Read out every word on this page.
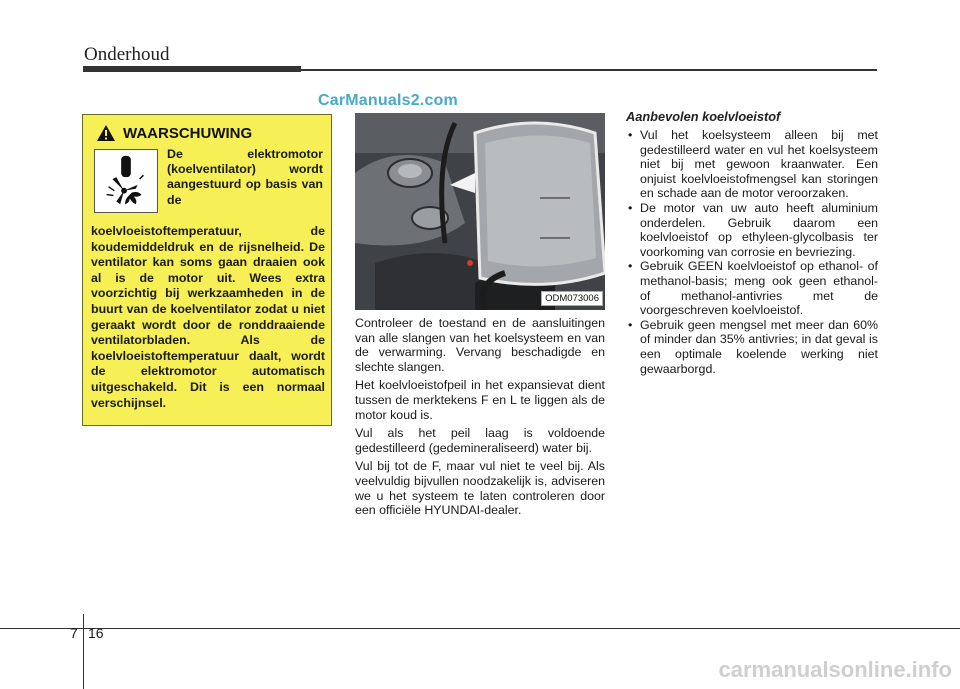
Onderhoud
CarManuals2.com
WAARSCHUWING
De elektromotor (koelventilator) wordt aangestuurd op basis van de
koelvloeistoftemperatuur, de koudemiddeldruk en de rijsnelheid. De ventilator kan soms gaan draaien ook al is de motor uit. Wees extra voorzichtig bij werkzaamheden in de buurt van de koelventilator zodat u niet geraakt wordt door de ronddraaiende ventilatorbladen. Als de koelvloeistoftemperatuur daalt, wordt de elektromotor automatisch uitgeschakeld. Dit is een normaal verschijnsel.
ODM073006

Controleer de toestand en de aansluitingen van alle slangen van het koelsysteem en van de verwarming. Vervang beschadigde en slechte slangen.

Het koelvloeistofpeil in het expansievat dient tussen de merktekens F en L te liggen als de motor koud is.

Vul als het peil laag is voldoende gedestilleerd (gedemineraliseerd) water bij.

Vul bij tot de F, maar vul niet te veel bij. Als veelvuldig bijvullen noodzakelijk is, adviseren we u het systeem te laten controleren door een officiële HYUNDAI-dealer.

Aanbevolen koelvloeistof
• Vul het koelsysteem alleen bij met gedestilleerd water en vul het koelsysteem niet bij met gewoon kraanwater. Een onjuist koelvloeistofmengsel kan storingen en schade aan de motor veroorzaken.
• De motor van uw auto heeft aluminium onderdelen. Gebruik daarom een koelvloeistof op ethyleen-glycolbasis ter voorkoming van corrosie en bevriezing.
• Gebruik GEEN koelvloeistof op ethanol- of methanol-basis; meng ook geen ethanol- of methanol-antivries met de voorgeschreven koelvloeistof.
• Gebruik geen mengsel met meer dan 60% of minder dan 35% antivries; in dat geval is een optimale koelende werking niet gewaarborgd.
7 16
carmanualsonline.info
